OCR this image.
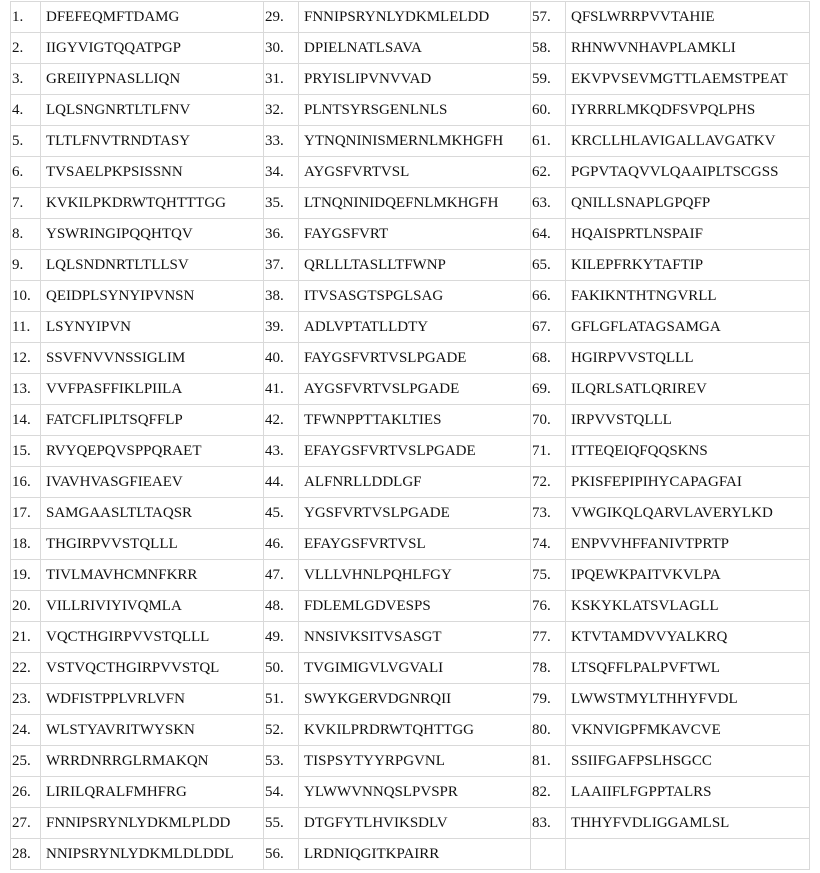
1.	DFEFEQMFTDAMG	29.	FNNIPSRYNLYDKMLELDD	57.	QFSLWRRPVVTAHIE
2.	IIGYVIGTQQATPGP	30.	DPIELNATLSAVA	58.	RHNWVNHAVPLAMKLI
3.	GREIIYPNASLLIQN	31.	PRYISLIPVNVVAD	59.	EKVPVSEVMGTTLAEMSTPEAT
4.	LQLSNGNRTLTLFNV	32.	PLNTSYRSGENLNLS	60.	IYRRRLMKQDFSVPQLPHS
5.	TLTLFNVTRNDTASY	33.	YTNQNINISMERNLMKHGFH	61.	KRCLLHLAVIGALLAVGATKV
6.	TVSAELPKPSISSNN	34.	AYGSFVRTVSL	62.	PGPVTAQVVLQAAIPLTSCGSS
7.	KVKILPKDRWTQHTTTGG	35.	LTNQNINIDQEFNLMKHGFH	63.	QNILLSNAPLGPQFP
8.	YSWRINGIPQQHTQV	36.	FAYGSFVRT	64.	HQAISPRTLNSPAIF
9.	LQLSNDNRTLTLLSV	37.	QRLLLTASLLTFWNP	65.	KILEPFRKYTAFTIP
10.	QEIDPLSYNYIPVNSN	38.	ITVSASGTSPGLSAG	66.	FAKIKNTHTNGVRLL
11.	LSYNYIPVN	39.	ADLVPTATLLDTY	67.	GFLGFLATAGSAMGA
12.	SSVFNVVNSSIGLIM	40.	FAYGSFVRTVSLPGADE	68.	HGIRPVVSTQLLL
13.	VVFPASFFIKLPIILA	41.	AYGSFVRTVSLPGADE	69.	ILQRLSATLQRIREV
14.	FATCFLIPLTSQFFLP	42.	TFWNPPTTAKLTIES	70.	IRPVVSTQLLL
15.	RVYQEPQVSPPQRAET	43.	EFAYGSFVRTVSLPGADE	71.	ITTEQEIQFQQSKNS
16.	IVAVHVASGFIEAEV	44.	ALFNRLLDDLGF	72.	PKISFEPIPIHYCAPAGFAI
17.	SAMGAASLTLTAQSR	45.	YGSFVRTVSLPGADE	73.	VWGIKQLQARVLAVERYLKD
18.	THGIRPVVSTQLLL	46.	EFAYGSFVRTVSL	74.	ENPVVHFFANIVTPRTP
19.	TIVLMAVHCMNFKRR	47.	VLLLVHNLPQHLFGY	75.	IPQEWKPAITVKVLPA
20.	VILLRIVIYIVQMLA	48.	FDLEMLGDVESPS	76.	KSKYKLATSVLAGLL
21.	VQCTHGIRPVVSTQLLL	49.	NNSIVKSITVSASGT	77.	KTVTAMDVVYALKRQ
22.	VSTVQCTHGIRPVVSTQL	50.	TVGIMIGVLVGVALI	78.	LTSQFFLPALPVFTWL
23.	WDFISTPPLVRLVFN	51.	SWYKGERVDGNRQII	79.	LWWSTMYLTHHYFVDL
24.	WLSTYAVRITWYSKN	52.	KVKILPRDRWTQHTTGG	80.	VKNVIGPFMKAVCVE
25.	WRRDNRRGLRMAKQN	53.	TISPSYTYYRPGVNL	81.	SSIIFGAFPSLHSGCC
26.	LIRILQRALFMHFRG	54.	YLWWVNNQSLPVSPR	82.	LAAIIFLFGPPTALRS
27.	FNNIPSRYNLYDKMLPLDD	55.	DTGFYTLHVIKSDLV	83.	THHYFVDLIGGAMLSL
28.	NNIPSRYNLYDKMLDLDDL	56.	LRDNIQGITKPAIRR		
